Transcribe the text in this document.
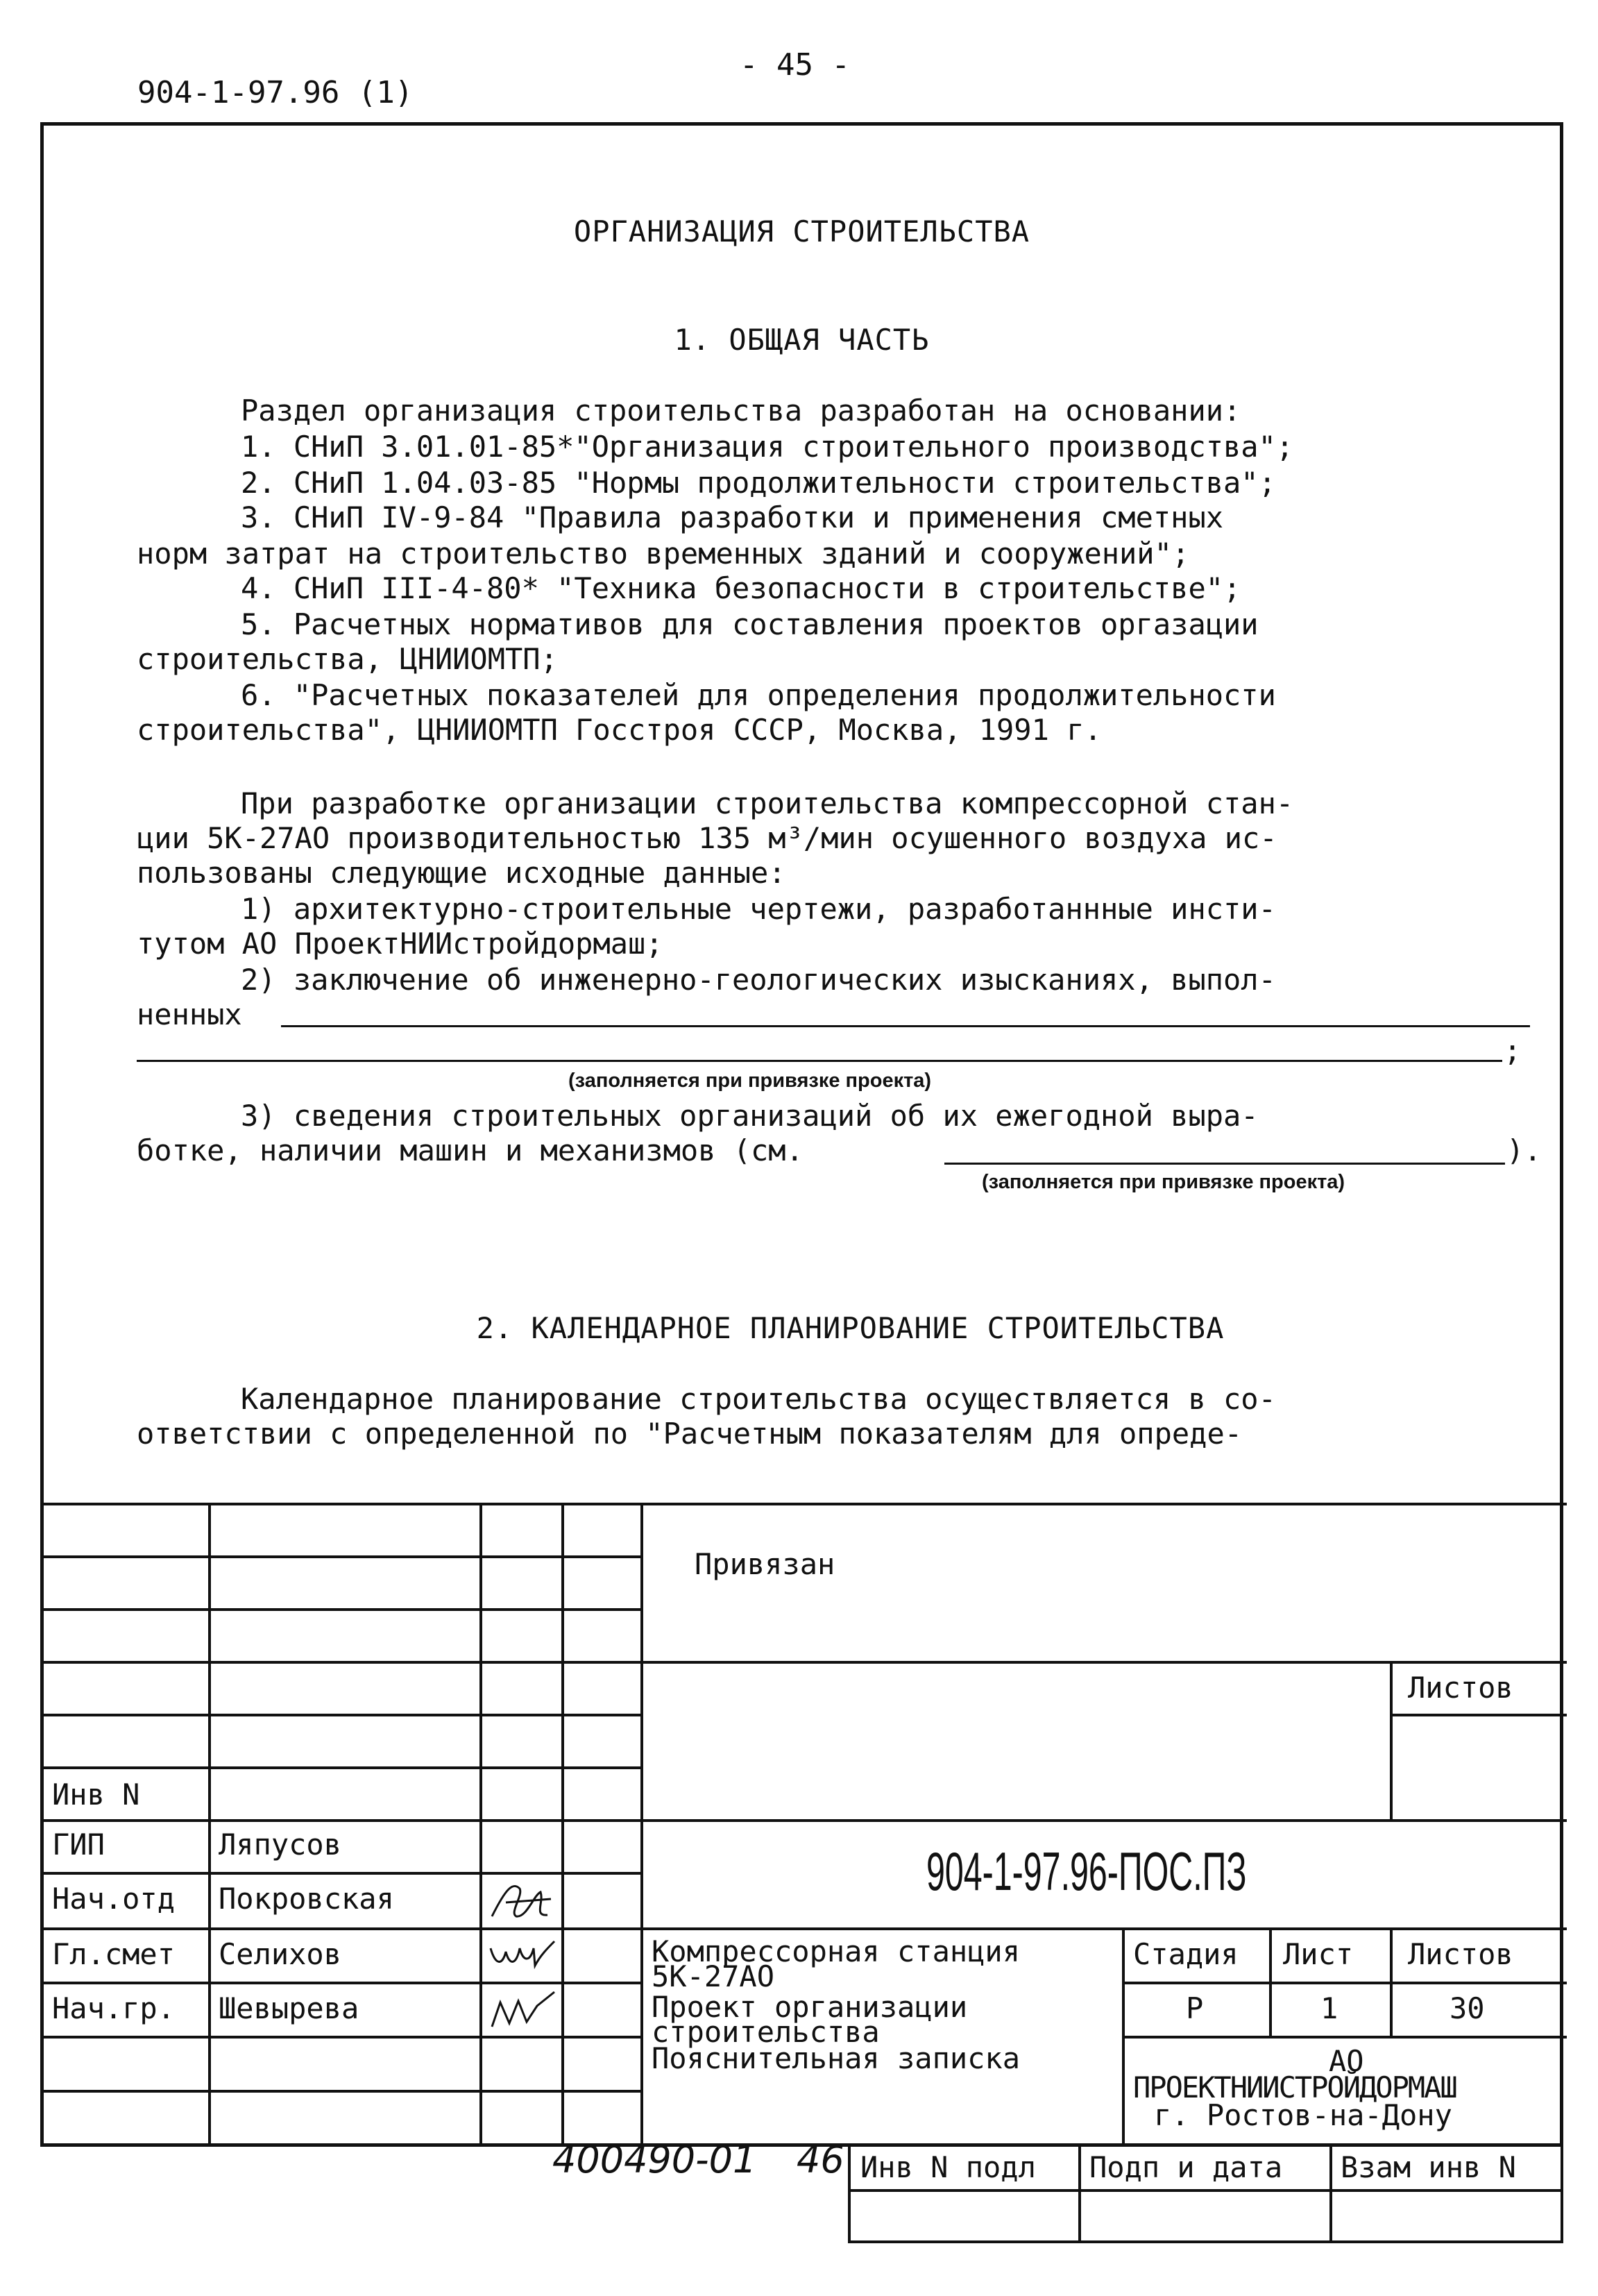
904-1-97.96 (1)
- 45 -
ОРГАНИЗАЦИЯ СТРОИТЕЛЬСТВА
1. ОБЩАЯ ЧАСТЬ
Раздел организация строительства разработан на основании:
1. СНиП 3.01.01-85*"Организация строительного производства";
2. СНиП 1.04.03-85 "Нормы продолжительности строительства";
3. СНиП IV-9-84 "Правила разработки и применения сметных
норм затрат на строительство временных зданий и сооружений";
4. СНиП III-4-80* "Техника безопасности в строительстве";
5. Расчетных нормативов для составления проектов оргазации
строительства, ЦНИИОМТП;
6. "Расчетных показателей для определения продолжительности
строительства", ЦНИИОМТП Госстроя СССР, Москва, 1991 г.
При разработке организации строительства компрессорной стан-
ции 5К-27АО производительностью 135 м³/мин осушенного воздуха ис-
пользованы следующие исходные данные:
1) архитектурно-строительные чертежи, разработаннные инсти-
тутом АО ПроектНИИстройдормаш;
2) заключение об инженерно-геологических изысканиях, выпол-
ненных
;
(заполняется при привязке проекта)
3) сведения строительных организаций об их ежегодной выра-
ботке, наличии машин и механизмов (см.	).
(заполняется при привязке проекта)
2. КАЛЕНДАРНОЕ ПЛАНИРОВАНИЕ СТРОИТЕЛЬСТВА
Календарное планирование строительства осуществляется в со-
ответствии с определенной по "Расчетным показателям для опреде-
Привязан
Листов
Инв N
ГИП	Ляпусов
Нач.отд Покровская
Гл.смет Селихов
Нач.гр. Шевырева
904-1-97.96-ПОС.ПЗ
Компрессорная станция
5К-27АО
Проект организации
строительства
Пояснительная записка
Стадия Лист Листов
Р	1	30
АО
ПРОЕКТНИИСТРОЙДОРМАШ
г. Ростов-на-Дону
Инв N подл Подп и дата Взам инв N
400490-01 46
